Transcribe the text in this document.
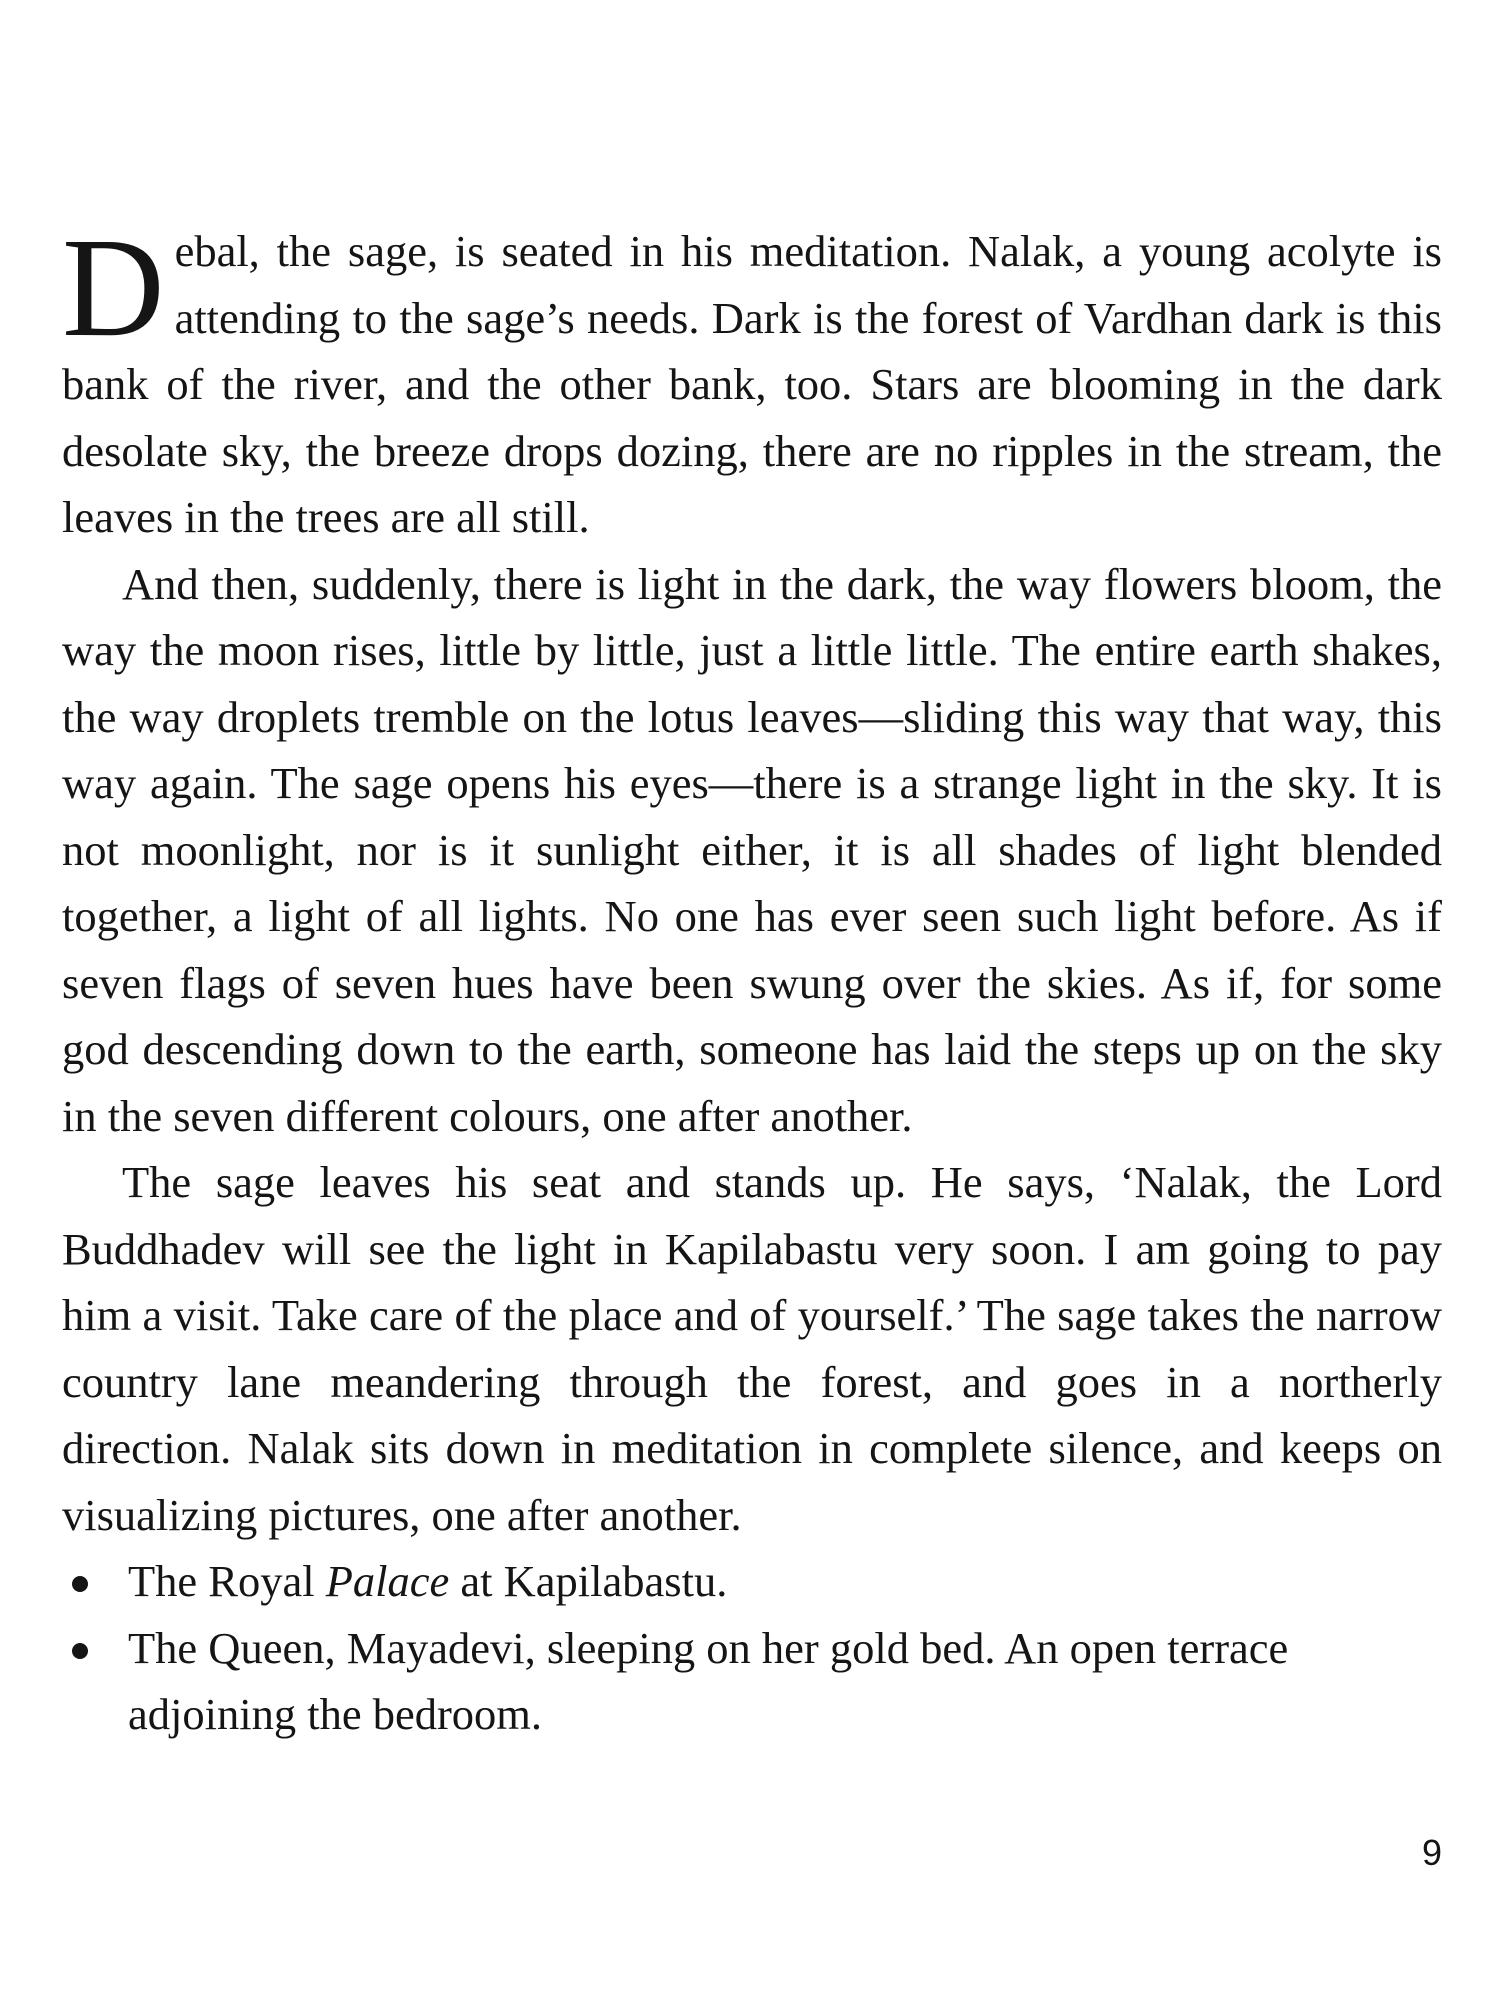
Debal, the sage, is seated in his meditation. Nalak, a young acolyte is attending to the sage’s needs. Dark is the forest of Vardhan dark is this bank of the river, and the other bank, too. Stars are blooming in the dark desolate sky, the breeze drops dozing, there are no ripples in the stream, the leaves in the trees are all still.

And then, suddenly, there is light in the dark, the way flowers bloom, the way the moon rises, little by little, just a little little. The entire earth shakes, the way droplets tremble on the lotus leaves—sliding this way that way, this way again. The sage opens his eyes—there is a strange light in the sky. It is not moonlight, nor is it sunlight either, it is all shades of light blended together, a light of all lights. No one has ever seen such light before. As if seven flags of seven hues have been swung over the skies. As if, for some god descending down to the earth, someone has laid the steps up on the sky in the seven different colours, one after another.

The sage leaves his seat and stands up. He says, ‘Nalak, the Lord Buddhadev will see the light in Kapilabastu very soon. I am going to pay him a visit. Take care of the place and of yourself.’ The sage takes the narrow country lane meandering through the forest, and goes in a northerly direction. Nalak sits down in meditation in complete silence, and keeps on visualizing pictures, one after another.

The Royal Palace at Kapilabastu.
The Queen, Mayadevi, sleeping on her gold bed. An open terrace adjoining the bedroom.
9
